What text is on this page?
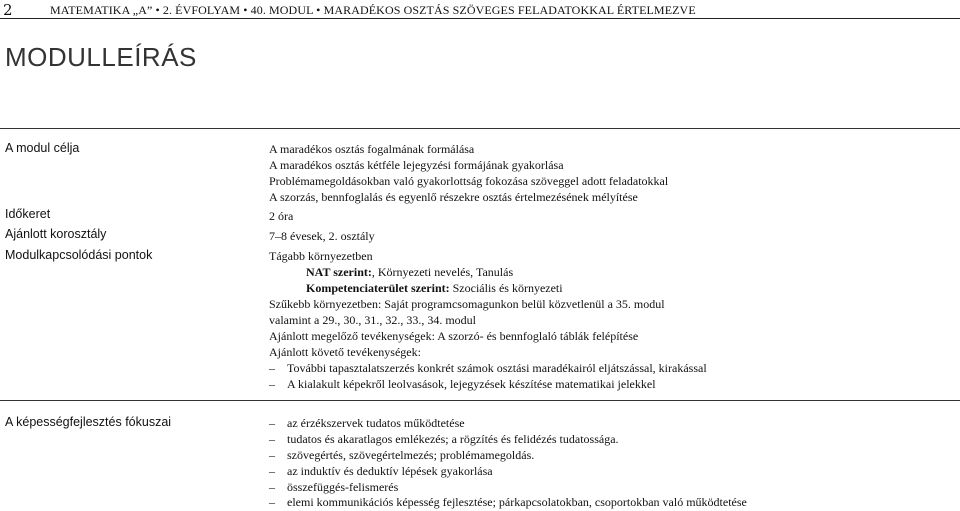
2	MATEMATIKA „A” • 2. ÉVFOLYAM • 40. MODUL • MARADÉKOS OSZTÁS SZÖVEGES FELADATOKKAL ÉRTELMEZVE
MODULLEÍRÁS
A modul célja	A maradékos osztás fogalmának formálása
A maradékos osztás kétféle lejegyzési formájának gyakorlása
Problémamegoldásokban való gyakorlottság fokozása szöveggel adott feladatokkal
A szorzás, bennfoglalás és egyenlő részekre osztás értelmezésének mélyítése
Időkeret	2 óra
Ajánlott korosztály	7–8 évesek, 2. osztály
Modulkapcsolódási pontok	Tágabb környezetben
NAT szerint:, Környezeti nevelés, Tanulás
Kompetenciaterület szerint: Szociális és környezeti
Szűkebb környezetben: Saját programcsomagunkon belül közvetlenül a 35. modul
valamint a 29., 30., 31., 32., 33., 34. modul
Ajánlott megelőző tevékenységek: A szorzó- és bennfoglaló táblák felépítése
Ajánlott követő tevékenységek:
– További tapasztalatszerzés konkrét számok osztási maradékairól eljátszással, kirakással
– A kialakult képekről leolvasások, lejegyzések készítése matematikai jelekkel
A képességfejlesztés fókuszai	– az érzékszervek tudatos működtetése
– tudatos és akaratlagos emlékezés; a rögzítés és felidézés tudatossága.
– szövegértés, szövegértelmezés; problémamegoldás.
– az induktív és deduktív lépések gyakorlása
– összefüggés-felismerés
– elemi kommunikációs képesség fejlesztése; párkapcsolatokban, csoportokban való működtetése
